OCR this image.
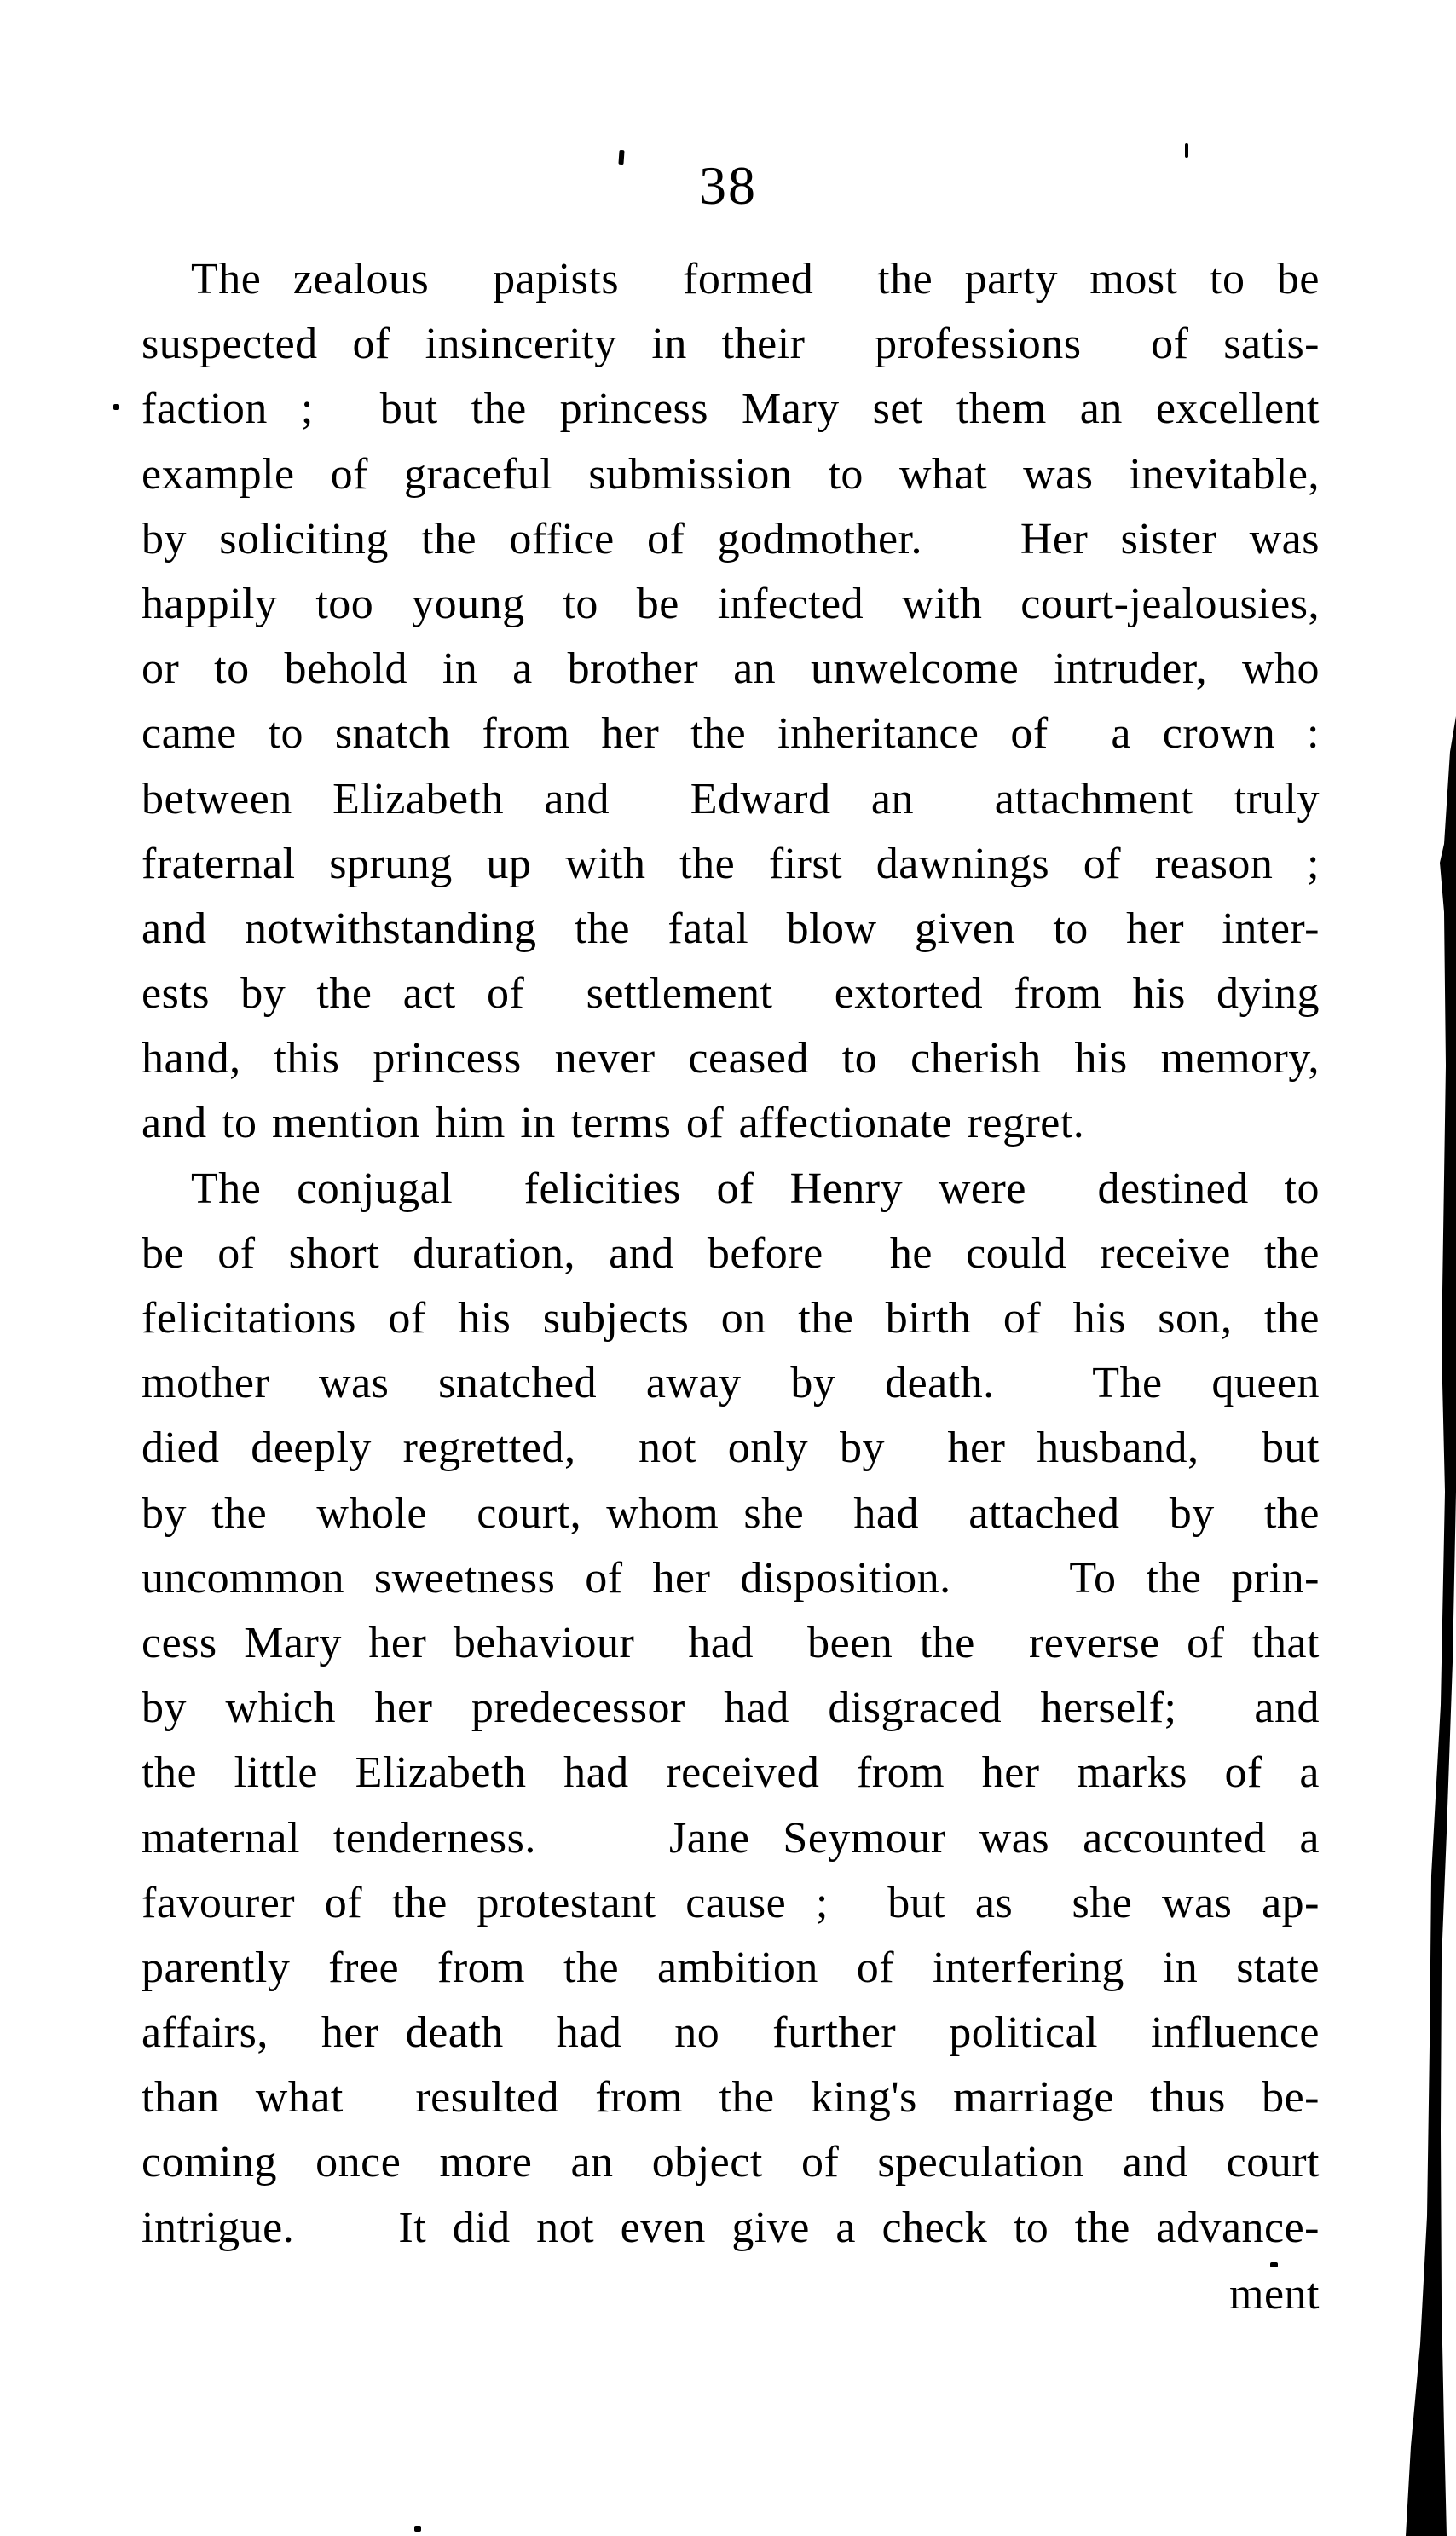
38
The zealous  papists  formed  the party most to be
suspected of insincerity in their  professions  of satis-
faction ;  but the princess Mary set them an excellent
example of graceful submission to what was inevitable,
by soliciting the office of godmother.   Her sister was
happily too young to be infected with court-jealousies,
or to behold in a brother an unwelcome intruder, who
came to snatch from her the inheritance of  a crown :
between Elizabeth and  Edward an  attachment truly
fraternal sprung up with the first dawnings of reason ;
and notwithstanding the fatal blow given to her inter-
ests by the act of  settlement  extorted from his dying
hand, this princess never ceased to cherish his memory,
and to mention him in terms of affectionate regret.
The conjugal  felicities of Henry were  destined to
be of short duration, and before  he could receive the
felicitations of his subjects on the birth of his son, the
mother  was  snatched  away  by  death.    The  queen
died deeply regretted,  not only by  her husband,  but
by the  whole  court, whom she  had  attached  by  the
uncommon sweetness of her disposition.    To the prin-
cess Mary her behaviour  had  been the  reverse of that
by which her predecessor had disgraced herself;  and
the little Elizabeth had received from her marks of a
maternal tenderness.    Jane Seymour was accounted a
favourer of the protestant cause ;  but as  she was ap-
parently free from the ambition of interfering in state
affairs,  her death  had  no  further  political  influence
than what  resulted from the king's marriage thus be-
coming once more an object of speculation and court
intrigue.    It did not even give a check to the advance-
ment
